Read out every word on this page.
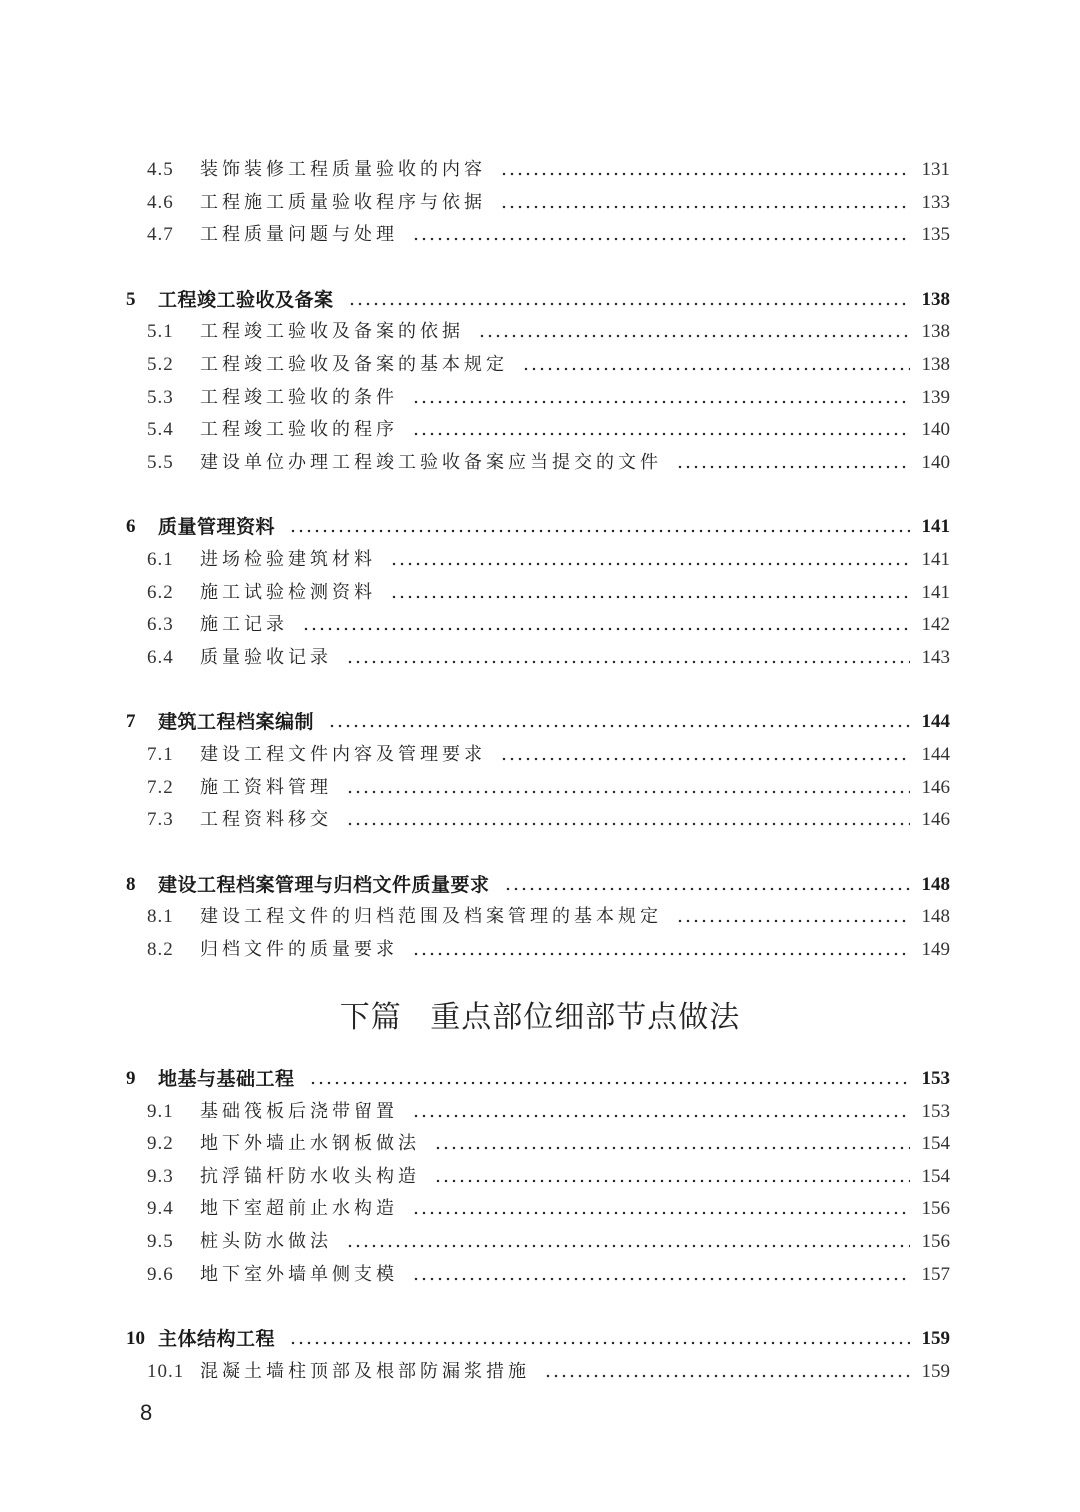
4.5 装饰装修工程质量验收的内容	131
4.6 工程施工质量验收程序与依据	133
4.7 工程质量问题与处理	135
5 工程竣工验收及备案	138
5.1 工程竣工验收及备案的依据	138
5.2 工程竣工验收及备案的基本规定	138
5.3 工程竣工验收的条件	139
5.4 工程竣工验收的程序	140
5.5 建设单位办理工程竣工验收备案应当提交的文件	140
6 质量管理资料	141
6.1 进场检验建筑材料	141
6.2 施工试验检测资料	141
6.3 施工记录	142
6.4 质量验收记录	143
7 建筑工程档案编制	144
7.1 建设工程文件内容及管理要求	144
7.2 施工资料管理	146
7.3 工程资料移交	146
8 建设工程档案管理与归档文件质量要求	148
8.1 建设工程文件的归档范围及档案管理的基本规定	148
8.2 归档文件的质量要求	149
9 地基与基础工程	153
9.1 基础筏板后浇带留置	153
9.2 地下外墙止水钢板做法	154
9.3 抗浮锚杆防水收头构造	154
9.4 地下室超前止水构造	156
9.5 桩头防水做法	156
9.6 地下室外墙单侧支模	157
10 主体结构工程	159
10.1 混凝土墙柱顶部及根部防漏浆措施	159
下篇 重点部位细部节点做法
8
